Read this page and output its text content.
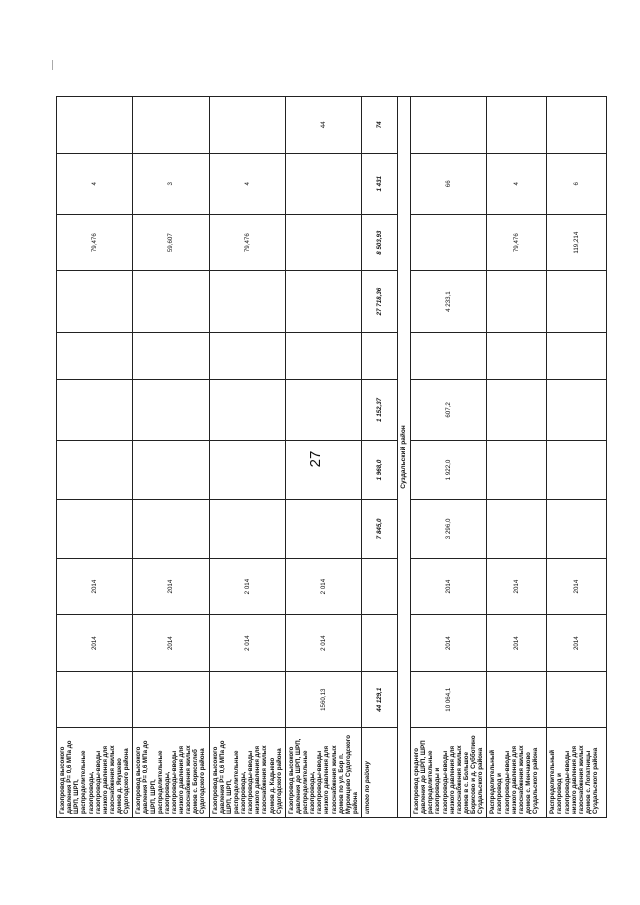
27
Газопровод высокого давления P= 0,6 МПа до ШРП, ШРП, распределительные газопроводы, газопроводы-вводы низкого давления для газоснабжения жилых домов д. Якушево Судогодского района		2014	2014						79,476	4	
Газопровод высокого давления P= 0,6 МПа до ШРП, ШРП, распределительные газопроводы, газопроводы-вводы низкого давления для газоснабжения жилых домов с. Борисоглеб Судогодского района		2014	2014						59,607	3	
Газопровод высокого давления P= 0,6 МПа до ШРП, ШРП, распределительные газопроводы, газопроводы-вводы низкого давления для газоснабжения жилых домов д. Кадыево Судогодского района		2 014	2 014						79,476	4	
Газопровод высокого давления до ШРП, ШРП, распределительные газопроводы, газопроводы-вводы низкого давления для газоснабжения жилых домов по ул. Бор п. Муромцево Судогодского района	1560,13	2 014	2 014								44
итого по району	44 129,1			7 845,0	1 968,0	1 152,37		27 718,36	8 503,93	1 431	74
Суздальский район											
Газопровод среднего давления до ШРП, ШРП распределительные газопроводы и газопроводы-вводы низкого давления для газоснабжения жилых домов в с. Большое Борисово и д. Субботино Суздальского района	10 064,1	2014	2014	3 296,0	1 922,0	607,2		4 233,1		66	
Распределительный газопровод и газопроводы-вводы низкого давления для газоснабжения жилых домов с. Менчаково Суздальского района		2014	2014						79,476	4	
Распределительный газопровод и газопроводы-вводы низкого давления для газоснабжения жилых домов с. Лопатницы Суздальского района		2014	2014						119,214	6	
